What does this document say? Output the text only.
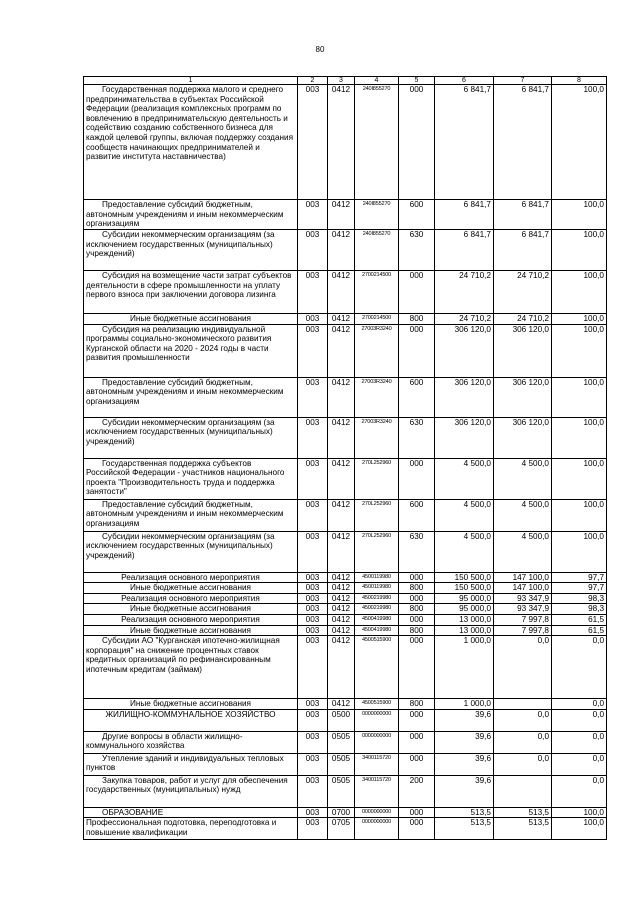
80
1	2	3	4	5	6	7	8
Государственная поддержка малого и среднего предпринимательства в субъектах Российской Федерации (реализация комплексных программ по вовлечению в предпринимательскую деятельность и содействию созданию собственного бизнеса для каждой целевой группы, включая поддержку создания сообществ начинающих предпринимателей и развитие института наставничества)	003	0412	240I855270	000	6 841,7	6 841,7	100,0
Предоставление субсидий бюджетным, автономным учреждениям и иным некоммерческим организациям	003	0412	240I855270	600	6 841,7	6 841,7	100,0
Субсидии некоммерческим организациям (за исключением государственных (муниципальных) учреждений)	003	0412	240I855270	630	6 841,7	6 841,7	100,0
Субсидия на возмещение части затрат субъектов деятельности в сфере промышленности на уплату первого взноса при заключении договора лизинга	003	0412	2700214500	000	24 710,2	24 710,2	100,0
Иные бюджетные ассигнования	003	0412	2700214500	800	24 710,2	24 710,2	100,0
Субсидия на реализацию индивидуальной программы социально-экономического развития Курганской области на 2020 - 2024 годы в части развития промышленности	003	0412	27003R3240	000	306 120,0	306 120,0	100,0
Предоставление субсидий бюджетным, автономным учреждениям и иным некоммерческим организациям	003	0412	27003R3240	600	306 120,0	306 120,0	100,0
Субсидии некоммерческим организациям (за исключением государственных (муниципальных) учреждений)	003	0412	27003R3240	630	306 120,0	306 120,0	100,0
Государственная поддержка субъектов Российской Федерации - участников национального проекта "Производительность труда и поддержка занятости"	003	0412	270L252960	000	4 500,0	4 500,0	100,0
Предоставление субсидий бюджетным, автономным учреждениям и иным некоммерческим организациям	003	0412	270L252960	600	4 500,0	4 500,0	100,0
Субсидии некоммерческим организациям (за исключением государственных (муниципальных) учреждений)	003	0412	270L252960	630	4 500,0	4 500,0	100,0
Реализация основного мероприятия	003	0412	4500119980	000	150 500,0	147 100,0	97,7
Иные бюджетные ассигнования	003	0412	4500119980	800	150 500,0	147 100,0	97,7
Реализация основного мероприятия	003	0412	4500219980	000	95 000,0	93 347,9	98,3
Иные бюджетные ассигнования	003	0412	4500219980	800	95 000,0	93 347,9	98,3
Реализация основного мероприятия	003	0412	4500419980	000	13 000,0	7 997,8	61,5
Иные бюджетные ассигнования	003	0412	4500419980	800	13 000,0	7 997,8	61,5
Субсидии АО "Курганская ипотечно-жилищная корпорация" на снижение процентных ставок кредитных организаций по рефинансированным ипотечным кредитам (займам)	003	0412	4500515900	000	1 000,0	0,0	0,0
Иные бюджетные ассигнования	003	0412	4500515900	800	1 000,0		0,0
ЖИЛИЩНО-КОММУНАЛЬНОЕ ХОЗЯЙСТВО	003	0500	0000000000	000	39,6	0,0	0,0
Другие вопросы в области жилищно-коммунального хозяйства	003	0505	0000000000	000	39,6	0,0	0,0
Утепление зданий и индивидуальных тепловых пунктов	003	0505	3400115720	000	39,6	0,0	0,0
Закупка товаров, работ и услуг для обеспечения государственных (муниципальных) нужд	003	0505	3400115720	200	39,6		0,0
ОБРАЗОВАНИЕ	003	0700	0000000000	000	513,5	513,5	100,0
Профессиональная подготовка, переподготовка и повышение квалификации	003	0705	0000000000	000	513,5	513,5	100,0
